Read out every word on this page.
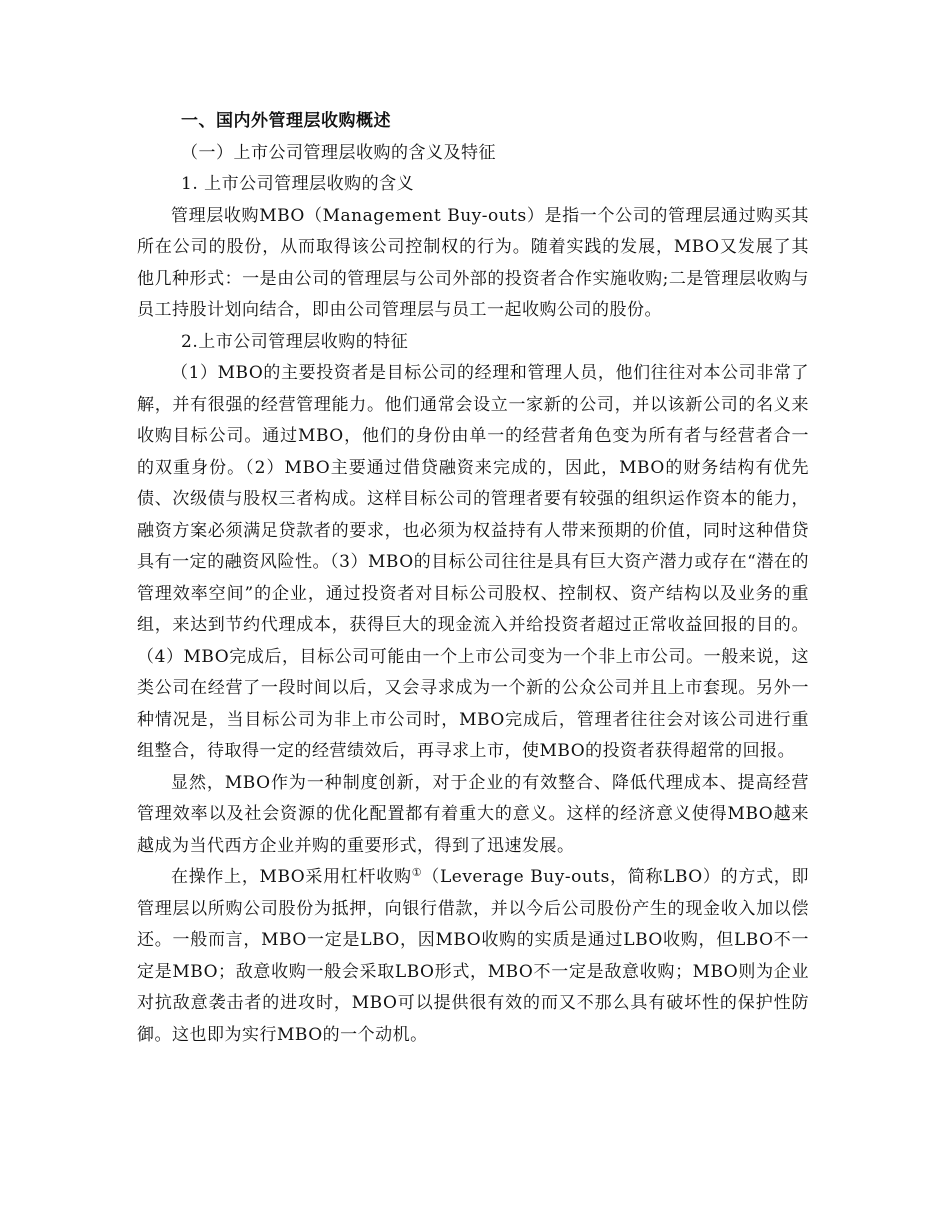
一、国内外管理层收购概述

（一）上市公司管理层收购的含义及特征

1. 上市公司管理层收购的含义

管理层收购MBO（Management Buy-outs）是指一个公司的管理层通过购买其所在公司的股份，从而取得该公司控制权的行为。随着实践的发展，MBO又发展了其他几种形式：一是由公司的管理层与公司外部的投资者合作实施收购;二是管理层收购与员工持股计划向结合，即由公司管理层与员工一起收购公司的股份。

2.上市公司管理层收购的特征

（1）MBO的主要投资者是目标公司的经理和管理人员，他们往往对本公司非常了解，并有很强的经营管理能力。他们通常会设立一家新的公司，并以该新公司的名义来收购目标公司。通过MBO，他们的身份由单一的经营者角色变为所有者与经营者合一的双重身份。（2）MBO主要通过借贷融资来完成的，因此，MBO的财务结构有优先债、次级债与股权三者构成。这样目标公司的管理者要有较强的组织运作资本的能力，融资方案必须满足贷款者的要求，也必须为权益持有人带来预期的价值，同时这种借贷具有一定的融资风险性。（3）MBO的目标公司往往是具有巨大资产潜力或存在“潜在的管理效率空间”的企业，通过投资者对目标公司股权、控制权、资产结构以及业务的重组，来达到节约代理成本，获得巨大的现金流入并给投资者超过正常收益回报的目的。（4）MBO完成后，目标公司可能由一个上市公司变为一个非上市公司。一般来说，这类公司在经营了一段时间以后，又会寻求成为一个新的公众公司并且上市套现。另外一种情况是，当目标公司为非上市公司时，MBO完成后，管理者往往会对该公司进行重组整合，待取得一定的经营绩效后，再寻求上市，使MBO的投资者获得超常的回报。

显然，MBO作为一种制度创新，对于企业的有效整合、降低代理成本、提高经营管理效率以及社会资源的优化配置都有着重大的意义。这样的经济意义使得MBO越来越成为当代西方企业并购的重要形式，得到了迅速发展。

在操作上，MBO采用杠杆收购①（Leverage Buy-outs，简称LBO）的方式，即管理层以所购公司股份为抵押，向银行借款，并以今后公司股份产生的现金收入加以偿还。一般而言，MBO一定是LBO，因MBO收购的实质是通过LBO收购，但LBO不一定是MBO；敌意收购一般会采取LBO形式，MBO不一定是敌意收购；MBO则为企业对抗敌意袭击者的进攻时，MBO可以提供很有效的而又不那么具有破坏性的保护性防御。这也即为实行MBO的一个动机。
